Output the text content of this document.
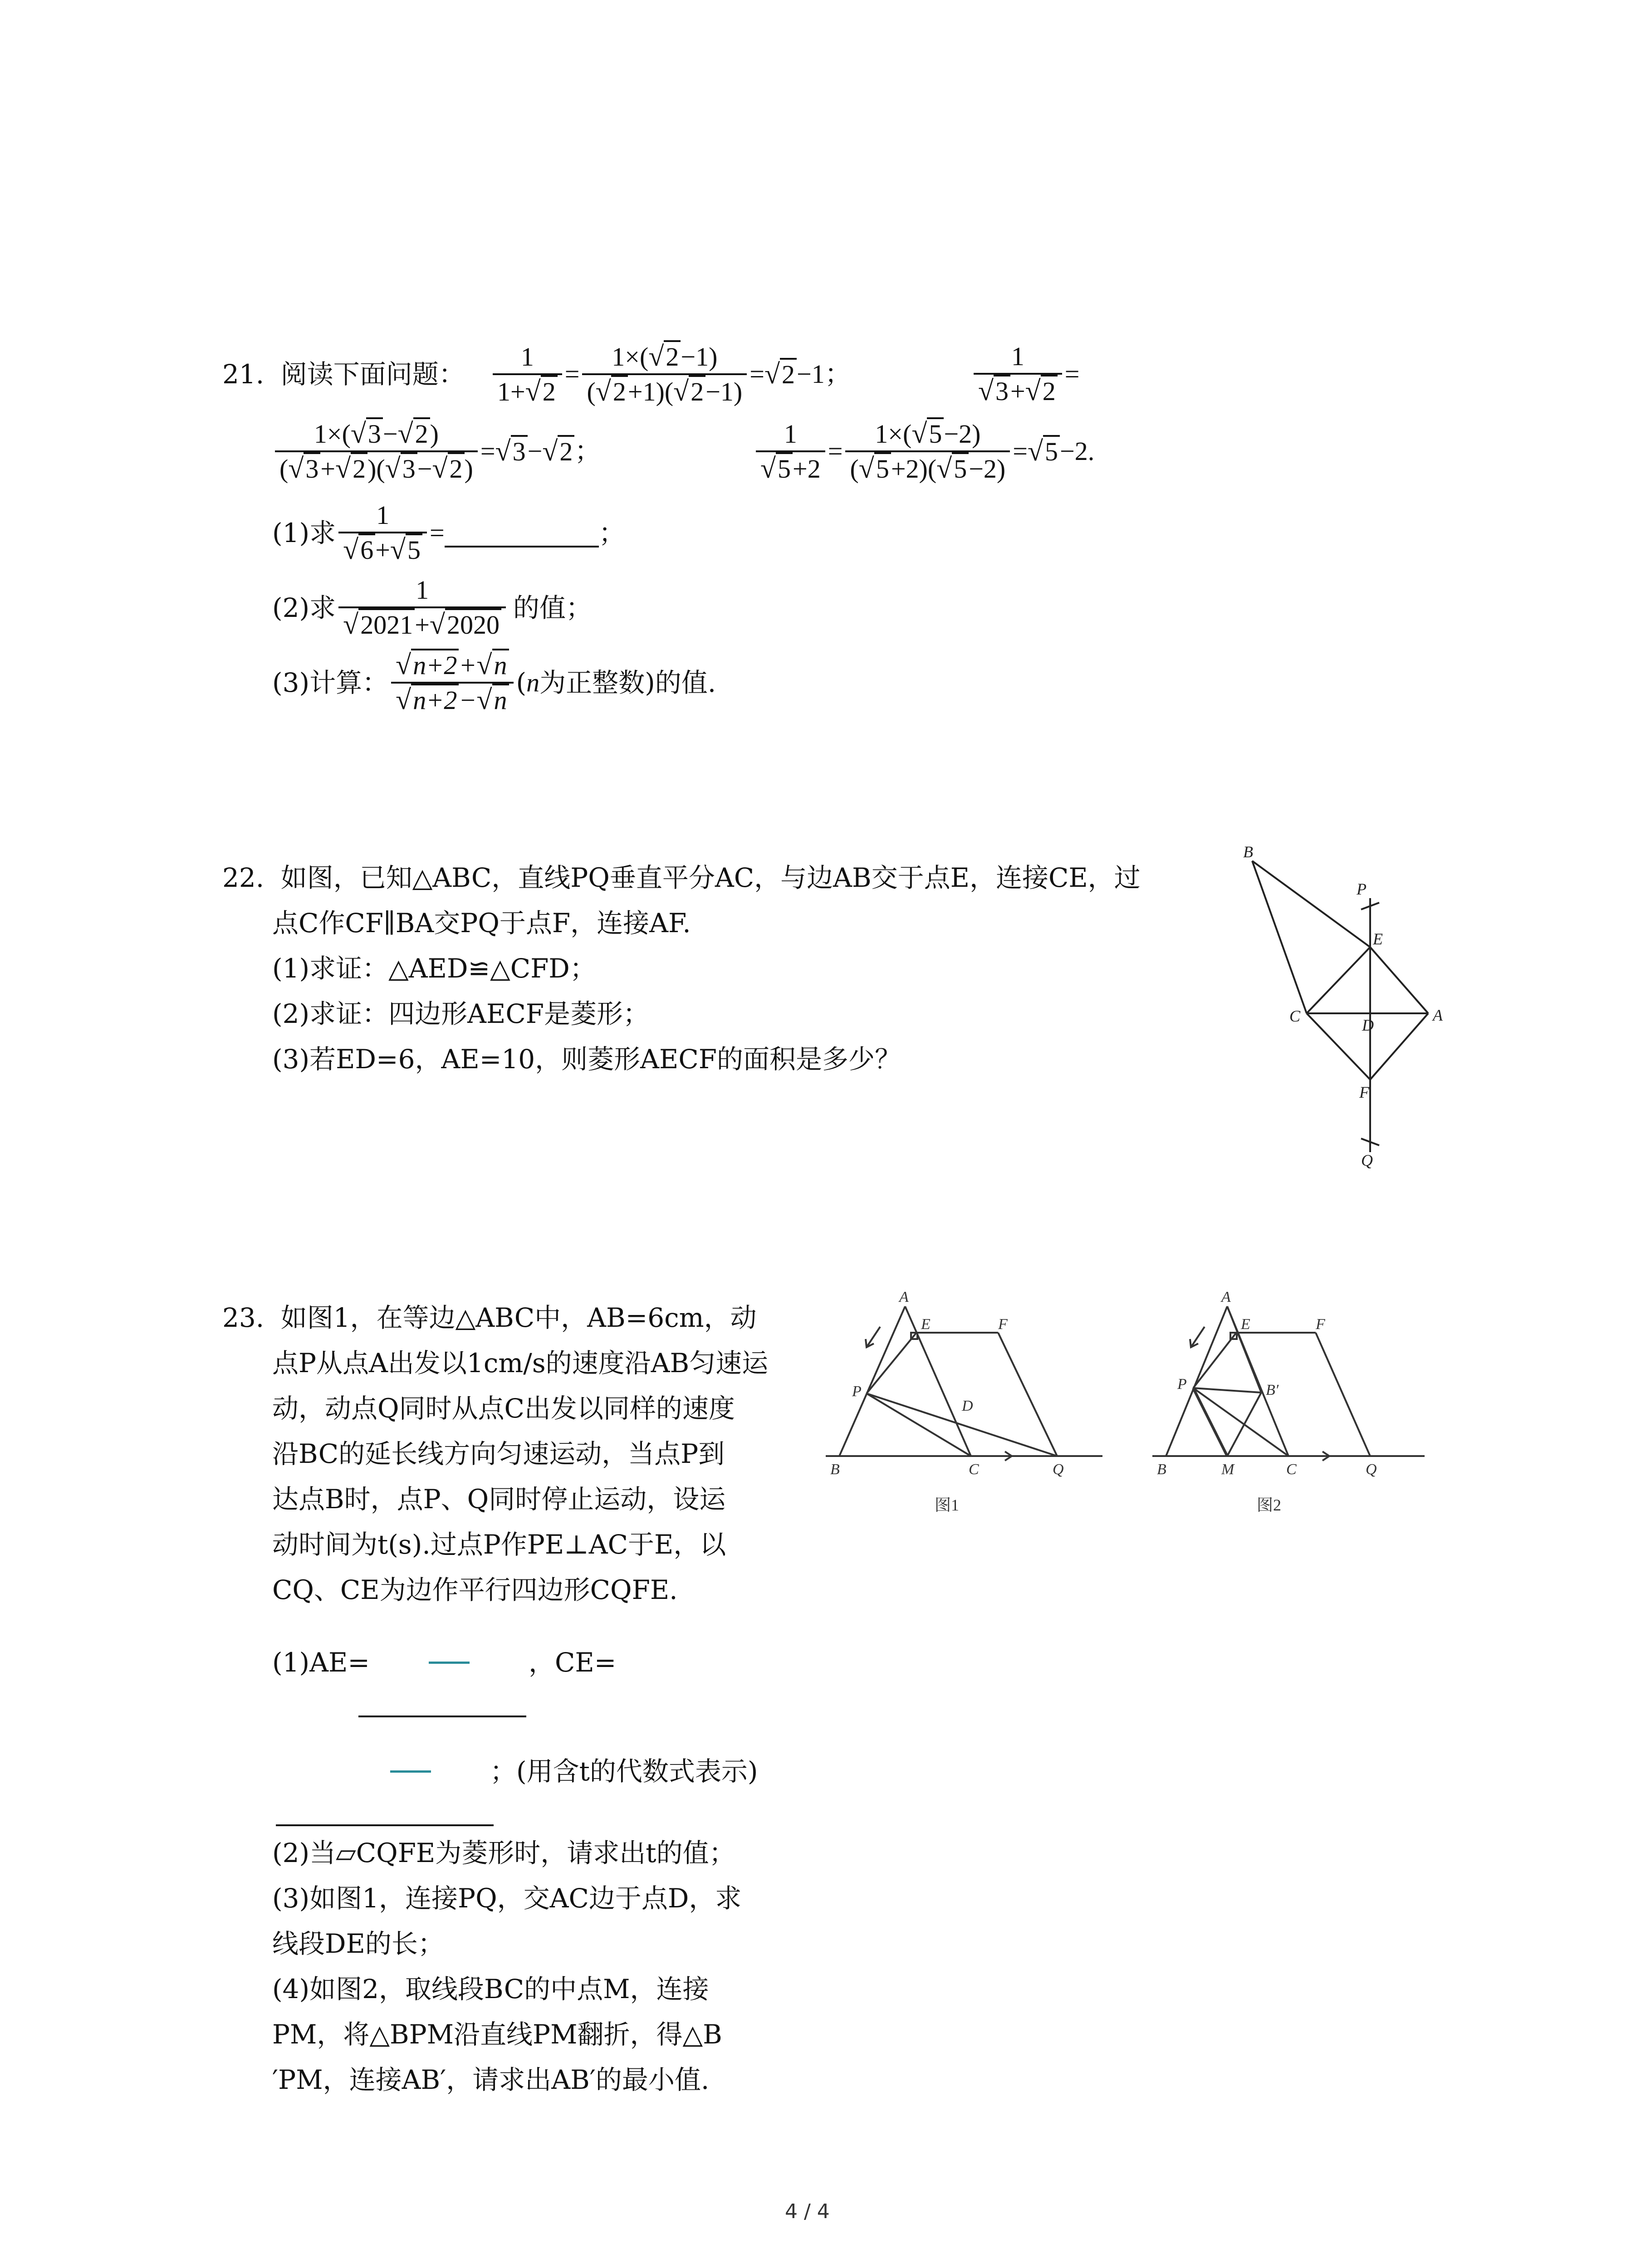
21. 阅读下面问题： $\frac{1}{1+√2} = \frac{1\times(√2-1)}{(√2+1)(√2-1)} = √2 -1$；	$\frac{1}{√3+√2}$ =
$\frac{1\times(√3-√2)}{(√3+√2)(√3-√2)} = √3 - √2$ ；	$\frac{1}{√5+2} = \frac{1\times(√5-2)}{(√5+2)(√5-2)} = √5 -2$.
(1)求 $\frac{1}{√6+√5}$ =	；
(2)求 $\frac{1}{√2021+√2020}$ 的值；
(3)计算： $\frac{√n+2+√n}{√n+2-√n}$ ( n 为正整数)的值.
22. 如图，已知△ABC，直线PQ垂直平分AC，与边AB交于点E，连接CE，过
点C作CF∥BA交PQ于点F，连接AF.
(1)求证：△AED≌△CFD；
(2)求证：四边形AECF是菱形；
(3)若ED=6，AE=10，则菱形AECF的面积是多少？
B
P
E
C	D
A
F
Q
23. 如图1，在等边△ABC中，AB=6cm，动
点P从点A出发以1cm/s的速度沿AB匀速运
动，动点Q同时从点C出发以同样的速度
沿BC的延长线方向匀速运动，当点P到
达点B时，点P、Q同时停止运动，设运
动时间为t(s).过点P作PE⊥AC于E，以
CQ、CE为边作平行四边形CQFE.
(1)AE=	，CE=
；(用含t的代数式表示)
(2)当▱CQFE为菱形时，请求出t的值；
(3)如图1，连接PQ，交AC边于点D，求
线段DE的长；
(4)如图2，取线段BC的中点M，连接
PM，将△BPM沿直线PM翻折，得△B
′PM，连接AB′，请求出AB′的最小值.
A
E	F
P
D
B	C	Q
图1
A
E	F
P	B′
B	M	C	Q
图2
4 / 4
